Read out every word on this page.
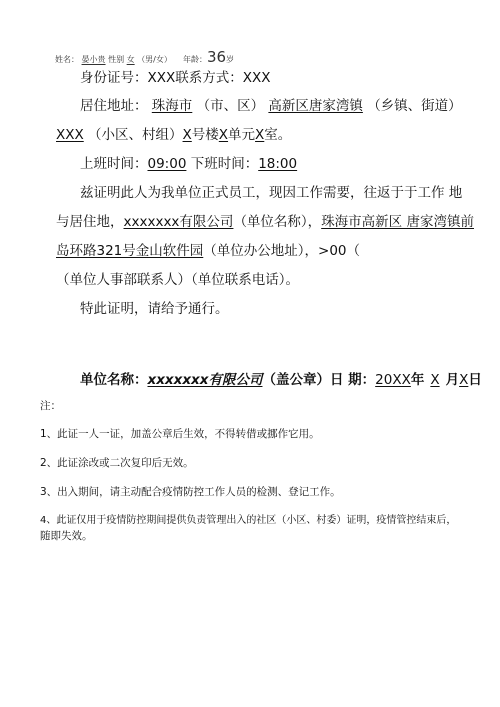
姓名： 晏小贵 性别 女 （男/女） 年龄：36岁
身份证号：XXX联系方式：XXX
居住地址： 珠海市 （市、区） 高新区唐家湾镇 （乡镇、街道）
XXX （小区、村组）X号楼X单元X室。
上班时间：09:00 下班时间：18:00
兹证明此人为我单位正式员工，现因工作需要，往返于于工作 地
与居住地，xxxxxxx有限公司（单位名称），珠海市高新区 唐家湾镇前
岛环路321号金山软件园（单位办公地址），>00（
（单位人事部联系人）（单位联系电话）。
特此证明，请给予通行。
单位名称：xxxxxxx有限公司（盖公章）日 期：20XX年 X 月X日
注：
1、此证一人一证，加盖公章后生效，不得转借或挪作它用。
2、此证涂改或二次复印后无效。
3、出入期间，请主动配合疫情防控工作人员的检测、登记工作。
4、此证仅用于疫情防控期间提供负责管理出入的社区（小区、村委）证明，疫情管控结束后，
随即失效。
